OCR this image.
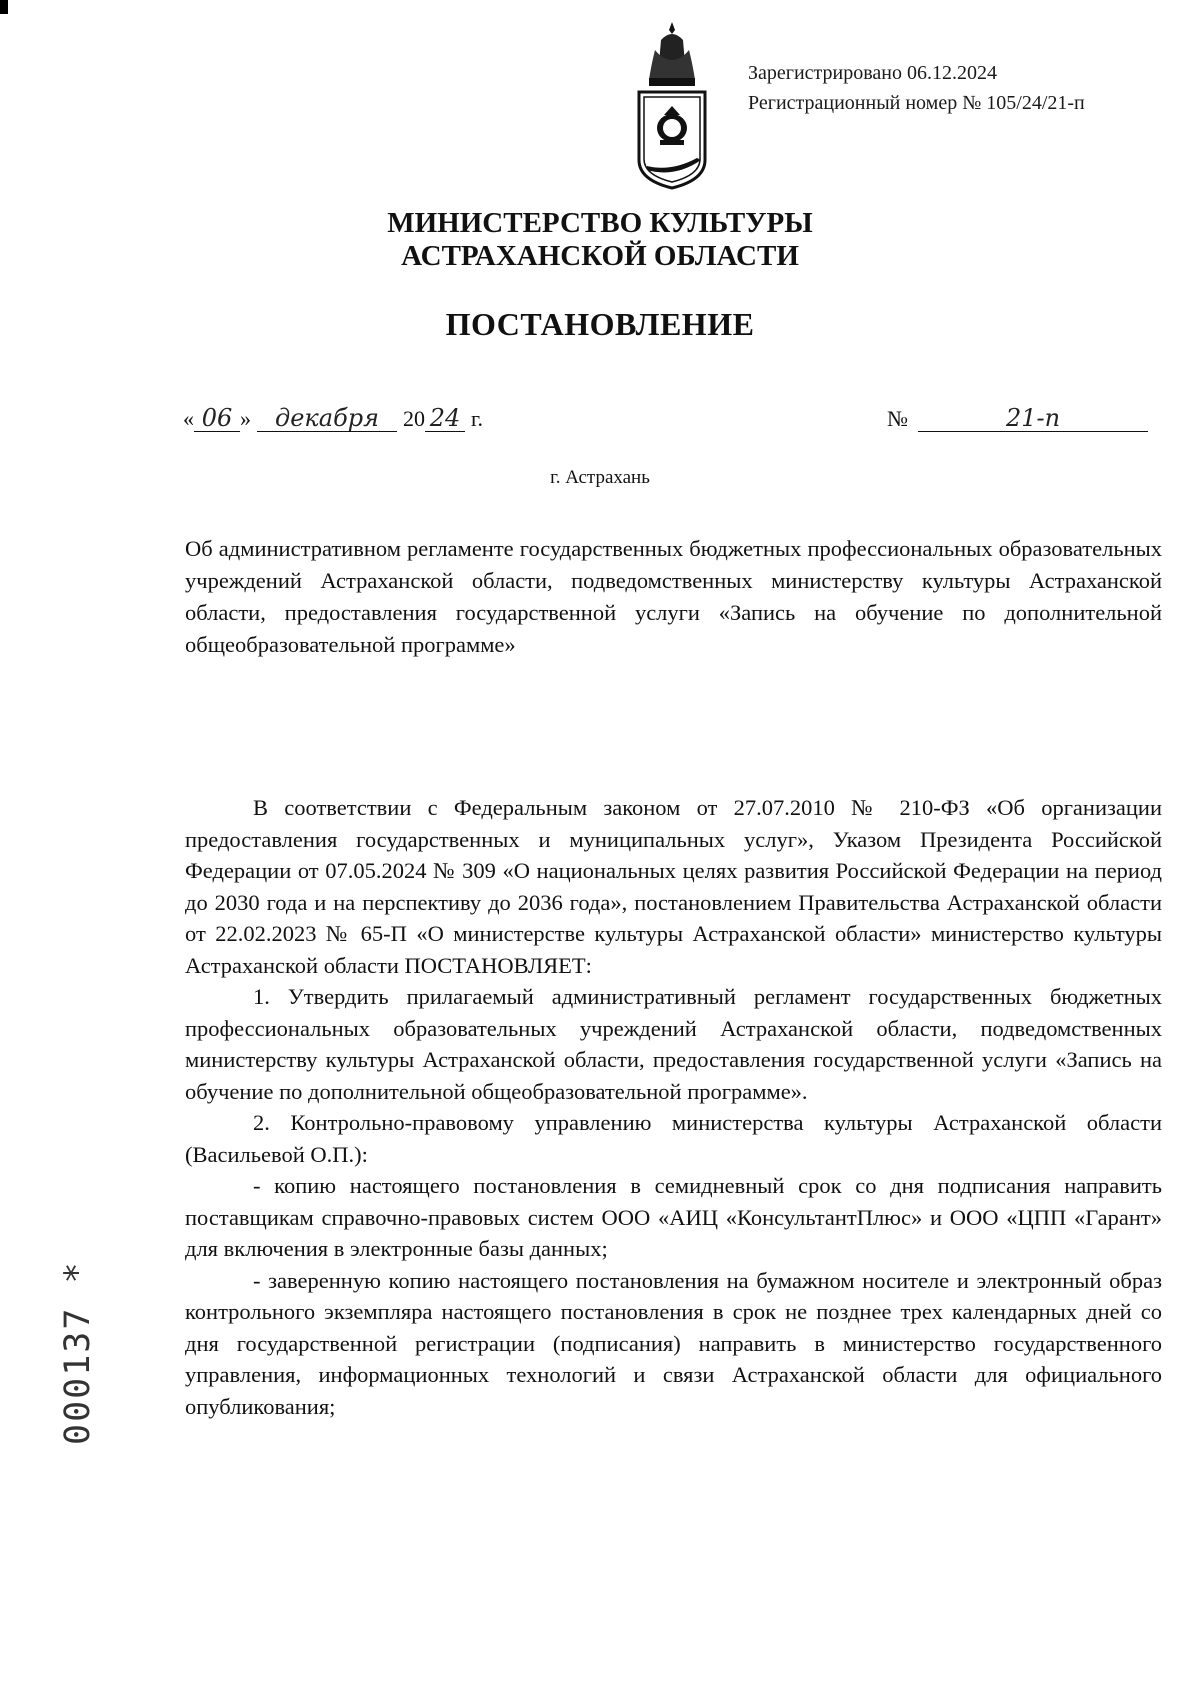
Зарегистрировано 06.12.2024
Регистрационный номер № 105/24/21-п
МИНИСТЕРСТВО КУЛЬТУРЫ
АСТРАХАНСКОЙ ОБЛАСТИ
ПОСТАНОВЛЕНИЕ
« 06 »	декабря	20 24 г.	№	21-п
г. Астрахань
Об административном регламенте государственных бюджетных профессиональных образовательных учреждений Астраханской области, подведомственных министерству культуры Астраханской области, предоставления государственной услуги «Запись на обучение по дополнительной общеобразовательной программе»

В соответствии с Федеральным законом от 27.07.2010 № 210-ФЗ «Об организации предоставления государственных и муниципальных услуг», Указом Президента Российской Федерации от 07.05.2024 № 309 «О национальных целях развития Российской Федерации на период до 2030 года и на перспективу до 2036 года», постановлением Правительства Астраханской области от 22.02.2023 № 65-П «О министерстве культуры Астраханской области» министерство культуры Астраханской области ПОСТАНОВЛЯЕТ:

1. Утвердить прилагаемый административный регламент государственных бюджетных профессиональных образовательных учреждений Астраханской области, подведомственных министерству культуры Астраханской области, предоставления государственной услуги «Запись на обучение по дополнительной общеобразовательной программе».

2. Контрольно-правовому управлению министерства культуры Астраханской области (Васильевой О.П.):

- копию настоящего постановления в семидневный срок со дня подписания направить поставщикам справочно-правовых систем ООО «АИЦ «КонсультантПлюс» и ООО «ЦПП «Гарант» для включения в электронные базы данных;

- заверенную копию настоящего постановления на бумажном носителе и электронный образ контрольного экземпляра настоящего постановления в срок не позднее трех календарных дней со дня государственной регистрации (подписания) направить в министерство государственного управления, информационных технологий и связи Астраханской области для официального опубликования;

000137 *
